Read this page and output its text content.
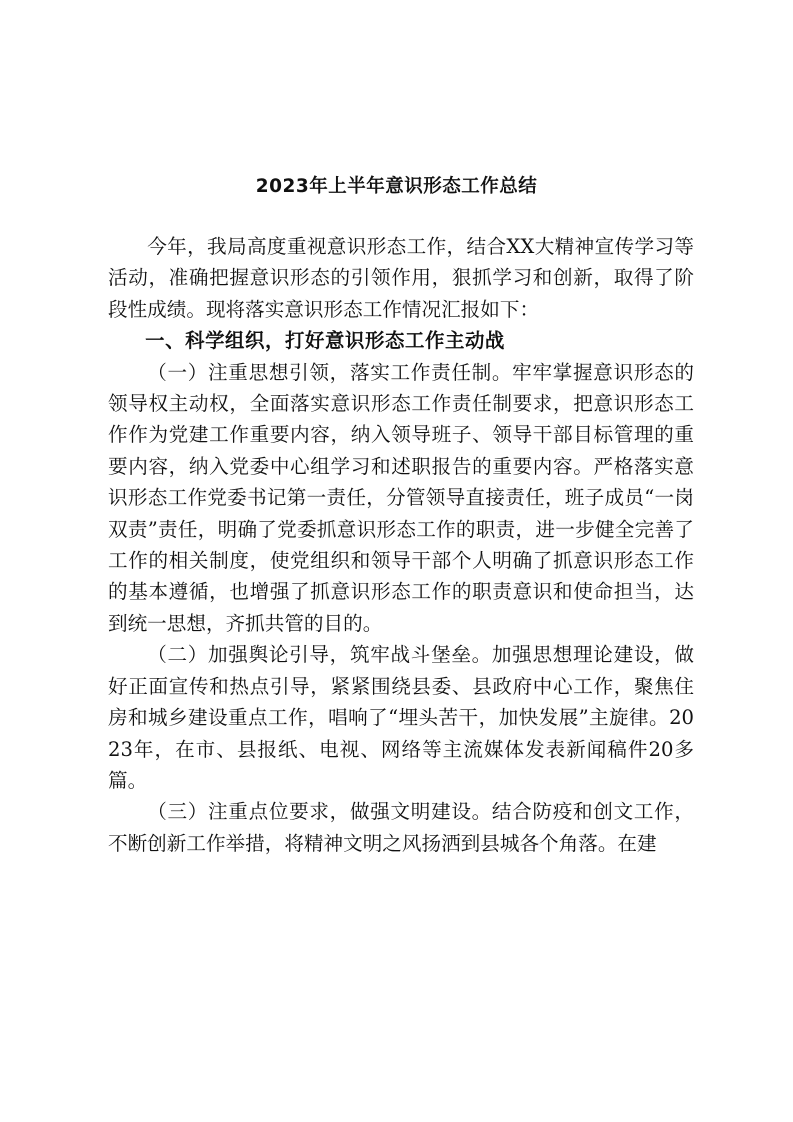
2023年上半年意识形态工作总结

今年，我局高度重视意识形态工作，结合XX大精神宣传学习等活动，准确把握意识形态的引领作用，狠抓学习和创新，取得了阶段性成绩。现将落实意识形态工作情况汇报如下：

一、科学组织，打好意识形态工作主动战

（一）注重思想引领，落实工作责任制。牢牢掌握意识形态的领导权主动权，全面落实意识形态工作责任制要求，把意识形态工作作为党建工作重要内容，纳入领导班子、领导干部目标管理的重要内容，纳入党委中心组学习和述职报告的重要内容。严格落实意识形态工作党委书记第一责任，分管领导直接责任，班子成员“一岗双责”责任，明确了党委抓意识形态工作的职责，进一步健全完善了工作的相关制度，使党组织和领导干部个人明确了抓意识形态工作的基本遵循，也增强了抓意识形态工作的职责意识和使命担当，达到统一思想，齐抓共管的目的。

（二）加强舆论引导，筑牢战斗堡垒。加强思想理论建设，做好正面宣传和热点引导，紧紧围绕县委、县政府中心工作，聚焦住房和城乡建设重点工作，唱响了“埋头苦干，加快发展”主旋律。2023年，在市、县报纸、电视、网络等主流媒体发表新闻稿件20多篇。

（三）注重点位要求，做强文明建设。结合防疫和创文工作，不断创新工作举措，将精神文明之风扬洒到县城各个角落。在建
